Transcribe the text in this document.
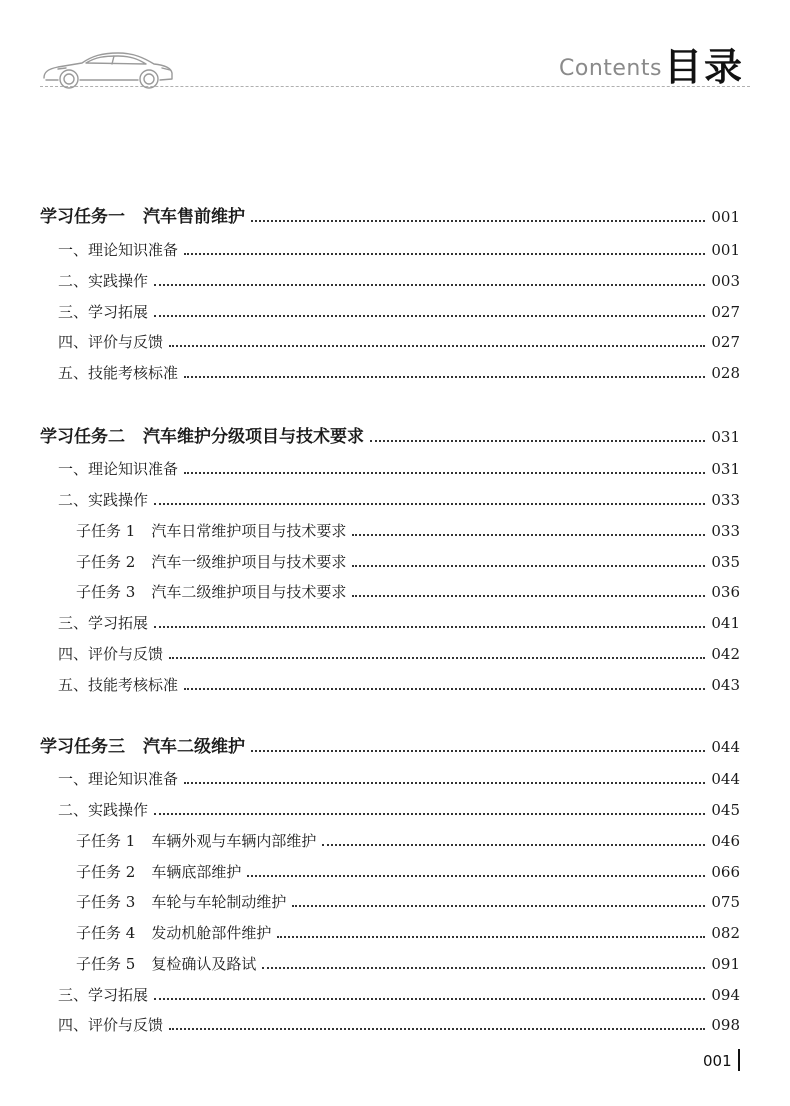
Contents 目录
学习任务一 汽车售前维护	001
一、理论知识准备	001
二、实践操作	003
三、学习拓展	027
四、评价与反馈	027
五、技能考核标准	028
学习任务二 汽车维护分级项目与技术要求	031
一、理论知识准备	031
二、实践操作	033
子任务 1 汽车日常维护项目与技术要求	033
子任务 2 汽车一级维护项目与技术要求	035
子任务 3 汽车二级维护项目与技术要求	036
三、学习拓展	041
四、评价与反馈	042
五、技能考核标准	043
学习任务三 汽车二级维护	044
一、理论知识准备	044
二、实践操作	045
子任务 1 车辆外观与车辆内部维护	046
子任务 2 车辆底部维护	066
子任务 3 车轮与车轮制动维护	075
子任务 4 发动机舱部件维护	082
子任务 5 复检确认及路试	091
三、学习拓展	094
四、评价与反馈	098
001
